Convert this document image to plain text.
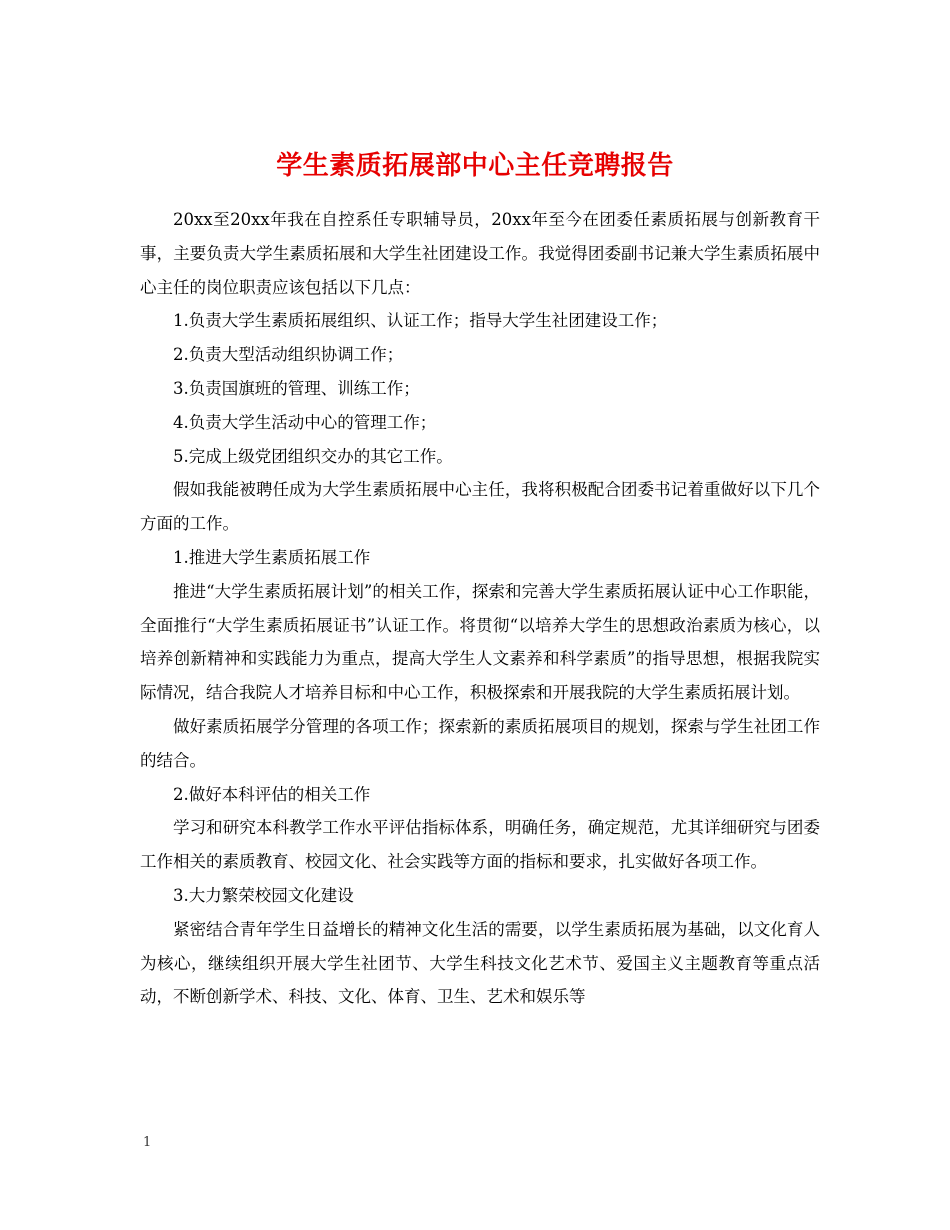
学生素质拓展部中心主任竞聘报告

20xx至20xx年我在自控系任专职辅导员，20xx年至今在团委任素质拓展与创新教育干事，主要负责大学生素质拓展和大学生社团建设工作。我觉得团委副书记兼大学生素质拓展中心主任的岗位职责应该包括以下几点：

1.负责大学生素质拓展组织、认证工作；指导大学生社团建设工作；

2.负责大型活动组织协调工作；

3.负责国旗班的管理、训练工作；

4.负责大学生活动中心的管理工作；

5.完成上级党团组织交办的其它工作。

假如我能被聘任成为大学生素质拓展中心主任，我将积极配合团委书记着重做好以下几个方面的工作。

1.推进大学生素质拓展工作

推进“大学生素质拓展计划”的相关工作，探索和完善大学生素质拓展认证中心工作职能，全面推行“大学生素质拓展证书”认证工作。将贯彻“以培养大学生的思想政治素质为核心，以培养创新精神和实践能力为重点，提高大学生人文素养和科学素质”的指导思想，根据我院实际情况，结合我院人才培养目标和中心工作，积极探索和开展我院的大学生素质拓展计划。

做好素质拓展学分管理的各项工作；探索新的素质拓展项目的规划，探索与学生社团工作的结合。

2.做好本科评估的相关工作

学习和研究本科教学工作水平评估指标体系，明确任务，确定规范，尤其详细研究与团委工作相关的素质教育、校园文化、社会实践等方面的指标和要求，扎实做好各项工作。

3.大力繁荣校园文化建设

紧密结合青年学生日益增长的精神文化生活的需要，以学生素质拓展为基础，以文化育人为核心，继续组织开展大学生社团节、大学生科技文化艺术节、爱国主义主题教育等重点活动，不断创新学术、科技、文化、体育、卫生、艺术和娱乐等

1
